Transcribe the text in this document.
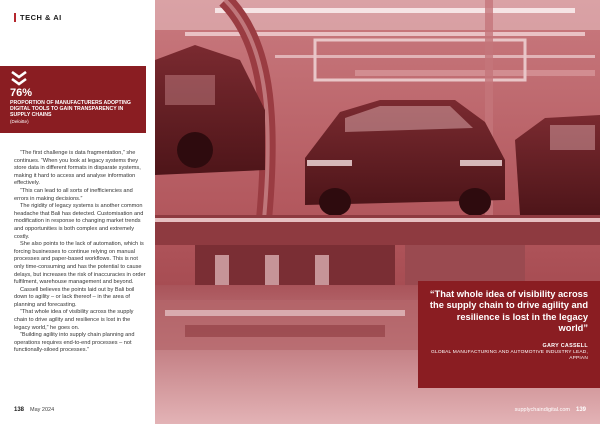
TECH & AI
76%
PROPORTION OF MANUFACTURERS ADOPTING DIGITAL TOOLS TO GAIN TRANSPARENCY IN SUPPLY CHAINS
(Deloitte)

“The first challenge is data fragmentation,” she continues. “When you look at legacy systems they store data in different formats in disparate systems, making it hard to access and analyse information effectively.

“This can lead to all sorts of inefficiencies and errors in making decisions.”

The rigidity of legacy systems is another common headache that Bali has detected. Customisation and modification in response to changing market trends and opportunities is both complex and extremely costly.

She also points to the lack of automation, which is forcing businesses to continue relying on manual processes and paper-based workflows. This is not only time-consuming and has the potential to cause delays, but increases the risk of inaccuracies in order fulfilment, warehouse management and beyond.

Cassell believes the points laid out by Bali boil down to agility – or lack thereof – in the area of planning and forecasting.

“That whole idea of visibility across the supply chain to drive agility and resilience is lost in the legacy world,” he goes on.

“Building agility into supply chain planning and operations requires end-to-end processes – not functionally-siloed processes.”

138 May 2024
“That whole idea of visibility across the supply chain to drive agility and resilience is lost in the legacy world”
GARY CASSELL
GLOBAL MANUFACTURING AND AUTOMOTIVE INDUSTRY LEAD, APPIAN
supplychaindigital.com 139
